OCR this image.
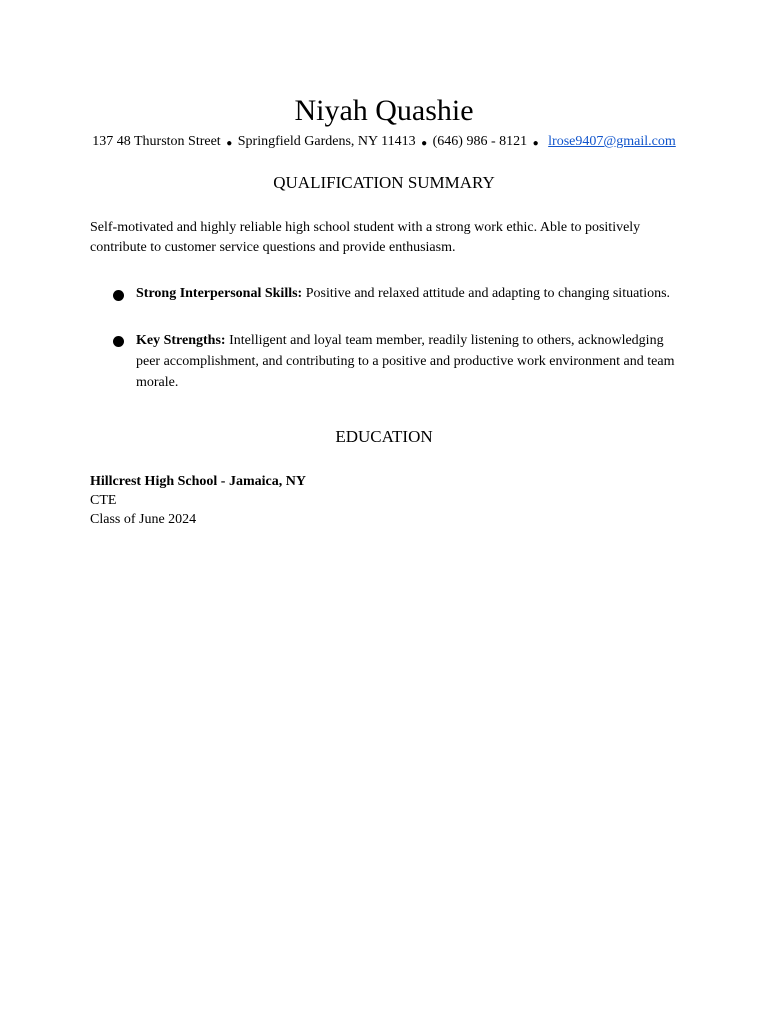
Niyah Quashie
137 48 Thurston Street ● Springfield Gardens, NY 11413 ● (646) 986 - 8121 ● lrose9407@gmail.com
QUALIFICATION SUMMARY

Self-motivated and highly reliable high school student with a strong work ethic. Able to positively contribute to customer service questions and provide enthusiasm.

Strong Interpersonal Skills: Positive and relaxed attitude and adapting to changing situations.
Key Strengths: Intelligent and loyal team member, readily listening to others, acknowledging peer accomplishment, and contributing to a positive and productive work environment and team morale.
EDUCATION
Hillcrest High School - Jamaica, NY
CTE
Class of June 2024
